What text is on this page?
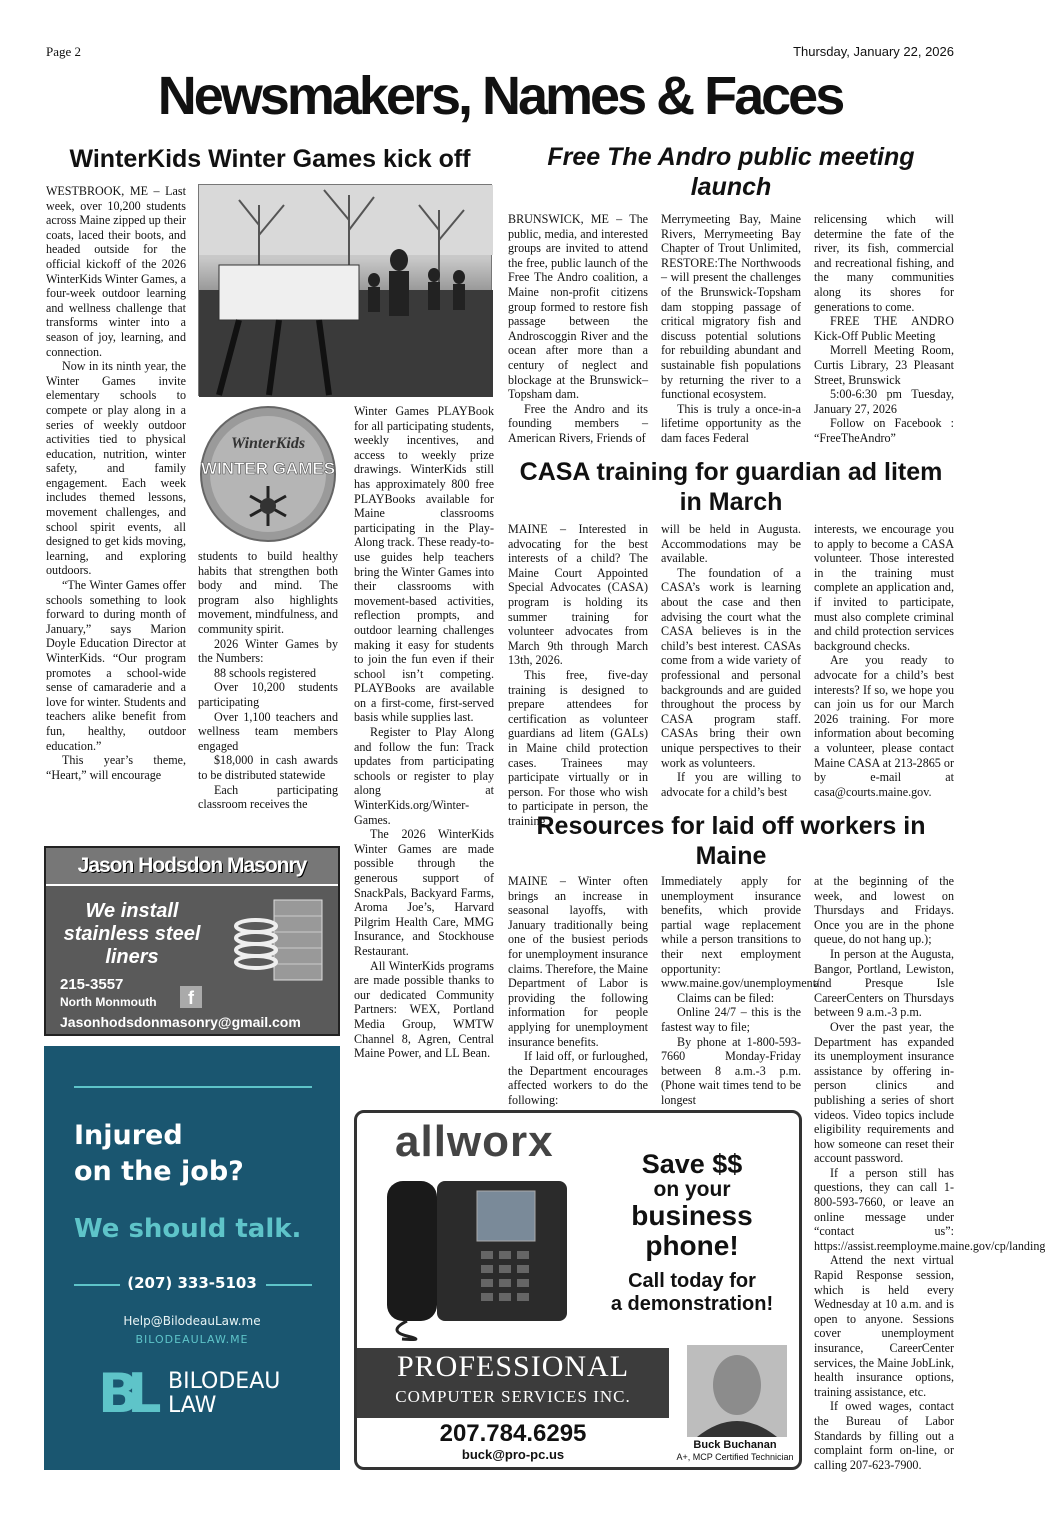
Page 2	Thursday, January 22, 2026
Newsmakers, Names & Faces
WinterKids Winter Games kick off

WESTBROOK, ME – Last week, over 10,200 students across Maine zipped up their coats, laced their boots, and headed outside for the official kickoff of the 2026 WinterKids Winter Games, a four-week outdoor learning and wellness challenge that transforms winter into a season of joy, learning, and connection.

Now in its ninth year, the Winter Games invite elementary schools to compete or play along in a series of weekly outdoor activities tied to physical education, nutrition, winter safety, and family engagement. Each week includes themed lessons, movement challenges, and school spirit events, all designed to get kids moving, learning, and exploring outdoors.

“The Winter Games offer schools something to look forward to during month of January,” says Marion Doyle Education Director at WinterKids. “Our program promotes a school-wide sense of camaraderie and a love for winter. Students and teachers alike benefit from fun, healthy, outdoor education.”

This year’s theme, “Heart,” will encourage

WinterKids
WINTER GAMES

students to build healthy habits that strengthen both body and mind. The program also highlights movement, mindfulness, and community spirit.

2026 Winter Games by the Numbers:

88 schools registered

Over 10,200 students participating

Over 1,100 teachers and wellness team members engaged

$18,000 in cash awards to be distributed statewide

Each participating classroom receives the

Winter Games PLAYBook for all participating students, weekly incentives, and access to weekly prize drawings. WinterKids still has approximately 800 free PLAYBooks available for Maine classrooms participating in the Play-Along track. These ready-to-use guides help teachers bring the Winter Games into their classrooms with movement-based activities, reflection prompts, and outdoor learning challenges making it easy for students to join the fun even if their school isn’t competing. PLAYBooks are available on a first-come, first-served basis while supplies last.

Register to Play Along and follow the fun: Track updates from participating schools or register to play along at WinterKids.org/Winter-Games.

The 2026 WinterKids Winter Games are made possible through the generous support of SnackPals, Backyard Farms, Aroma Joe’s, Harvard Pilgrim Health Care, MMG Insurance, and Stockhouse Restaurant.

All WinterKids programs are made possible thanks to our dedicated Community Partners: WEX, Portland Media Group, WMTW Channel 8, Agren, Central Maine Power, and LL Bean.

Free The Andro public meeting launch

BRUNSWICK, ME – The public, media, and interested groups are invited to attend the free, public launch of the Free The Andro coalition, a Maine non-profit citizens group formed to restore fish passage between the Androscoggin River and the ocean after more than a century of neglect and blockage at the Brunswick–Topsham dam.

Free the Andro and its founding members – American Rivers, Friends of

Merrymeeting Bay, Maine Rivers, Merrymeeting Bay Chapter of Trout Unlimited, RESTORE:The Northwoods – will present the challenges of the Brunswick-Topsham dam stopping passage of critical migratory fish and discuss potential solutions for rebuilding abundant and sustainable fish populations by returning the river to a functional ecosystem.

This is truly a once-in-a lifetime opportunity as the dam faces Federal

relicensing which will determine the fate of the river, its fish, commercial and recreational fishing, and the many communities along its shores for generations to come.

FREE THE ANDRO Kick-Off Public Meeting

Morrell Meeting Room, Curtis Library, 23 Pleasant Street, Brunswick

5:00-6:30 pm Tuesday, January 27, 2026

Follow on Facebook : “FreeTheAndro”

CASA training for guardian ad litem in March

MAINE – Interested in advocating for the best interests of a child? The Maine Court Appointed Special Advocates (CASA) program is holding its summer training for volunteer advocates from March 9th through March 13th, 2026.

This free, five-day training is designed to prepare attendees for certification as volunteer guardians ad litem (GALs) in Maine child protection cases. Trainees may participate virtually or in person. For those who wish to participate in person, the training

will be held in Augusta. Accommodations may be available.

The foundation of a CASA’s work is learning about the case and then advising the court what the CASA believes is in the child’s best interest. CASAs come from a wide variety of professional and personal backgrounds and are guided throughout the process by CASA program staff. CASAs bring their own unique perspectives to their work as volunteers.

If you are willing to advocate for a child’s best

interests, we encourage you to apply to become a CASA volunteer. Those interested in the training must complete an application and, if invited to participate, must also complete criminal and child protection services background checks.

Are you ready to advocate for a child’s best interests? If so, we hope you can join us for our March 2026 training. For more information about becoming a volunteer, please contact Maine CASA at 213-2865 or by e-mail at casa@courts.maine.gov.

Resources for laid off workers in Maine

MAINE – Winter often brings an increase in seasonal layoffs, with January traditionally being one of the busiest periods for unemployment insurance claims. Therefore, the Maine Department of Labor is providing the following information for people applying for unemployment insurance benefits.

If laid off, or furloughed, the Department encourages affected workers to do the following:

Immediately apply for unemployment insurance benefits, which provide partial wage replacement while a person transitions to their next employment opportunity: www.maine.gov/unemployment/

Claims can be filed:

Online 24/7 – this is the fastest way to file;

By phone at 1-800-593-7660 Monday-Friday between 8 a.m.-3 p.m. (Phone wait times tend to be longest

at the beginning of the week, and lowest on Thursdays and Fridays. Once you are in the phone queue, do not hang up.);

In person at the Augusta, Bangor, Portland, Lewiston, and Presque Isle CareerCenters on Thursdays between 9 a.m.-3 p.m.

Over the past year, the Department has expanded its unemployment insurance assistance by offering in-person clinics and publishing a series of short videos. Video topics include eligibility requirements and how someone can reset their account password.

If a person still has questions, they can call 1-800-593-7660, or leave an online message under “contact us”: https://assist.reemployme.maine.gov/cp/landing

Attend the next virtual Rapid Response session, which is held every Wednesday at 10 a.m. and is open to anyone. Sessions cover unemployment insurance, CareerCenter services, the Maine JobLink, health insurance options, training assistance, etc.

If owed wages, contact the Bureau of Labor Standards by filling out a complaint form on-line, or calling 207-623-7900.

Jason Hodsdon Masonry
We install
stainless steel
liners
215-3557
North Monmouth	f
Jasonhodsdonmasonry@gmail.com
Injured
on the job?
We should talk.
(207) 333-5103
Help@BilodeauLaw.me
BILODEAULAW.ME
BL BILODEAU
LAW
allworx	Save $$
on your
business
phone!
Call today for
a demonstration!
PROFESSIONAL
COMPUTER SERVICES INC.
207.784.6295
buck@pro-pc.us
Buck Buchanan
A+, MCP Certified Technician
